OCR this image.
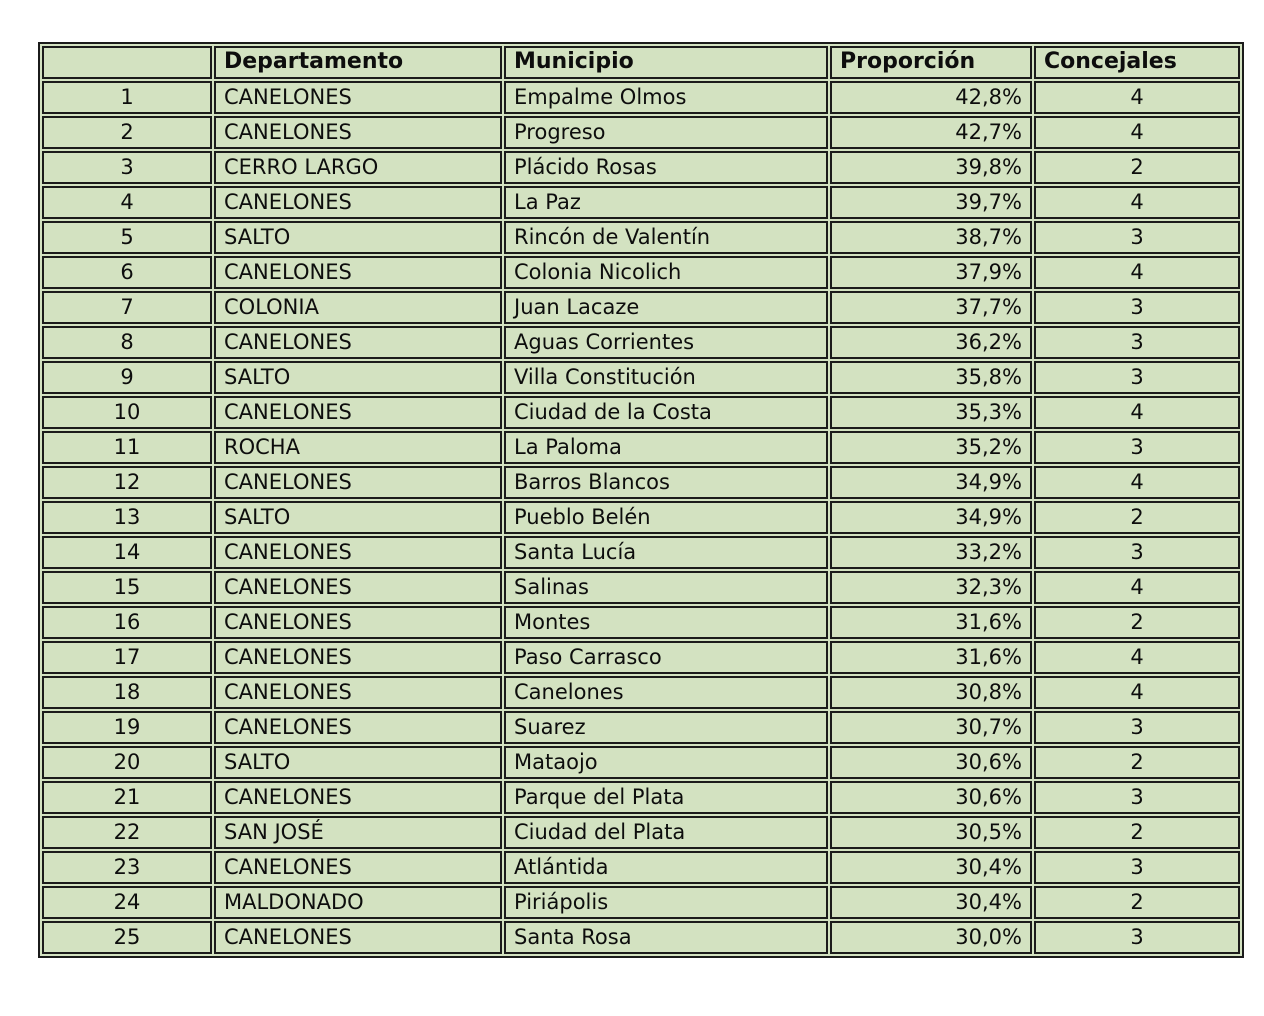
	Departamento	Municipio	Proporción	Concejales
1	CANELONES	Empalme Olmos	42,8%	4
2	CANELONES	Progreso	42,7%	4
3	CERRO LARGO	Plácido Rosas	39,8%	2
4	CANELONES	La Paz	39,7%	4
5	SALTO	Rincón de Valentín	38,7%	3
6	CANELONES	Colonia Nicolich	37,9%	4
7	COLONIA	Juan Lacaze	37,7%	3
8	CANELONES	Aguas Corrientes	36,2%	3
9	SALTO	Villa Constitución	35,8%	3
10	CANELONES	Ciudad de la Costa	35,3%	4
11	ROCHA	La Paloma	35,2%	3
12	CANELONES	Barros Blancos	34,9%	4
13	SALTO	Pueblo Belén	34,9%	2
14	CANELONES	Santa Lucía	33,2%	3
15	CANELONES	Salinas	32,3%	4
16	CANELONES	Montes	31,6%	2
17	CANELONES	Paso Carrasco	31,6%	4
18	CANELONES	Canelones	30,8%	4
19	CANELONES	Suarez	30,7%	3
20	SALTO	Mataojo	30,6%	2
21	CANELONES	Parque del Plata	30,6%	3
22	SAN JOSÉ	Ciudad del Plata	30,5%	2
23	CANELONES	Atlántida	30,4%	3
24	MALDONADO	Piriápolis	30,4%	2
25	CANELONES	Santa Rosa	30,0%	3
